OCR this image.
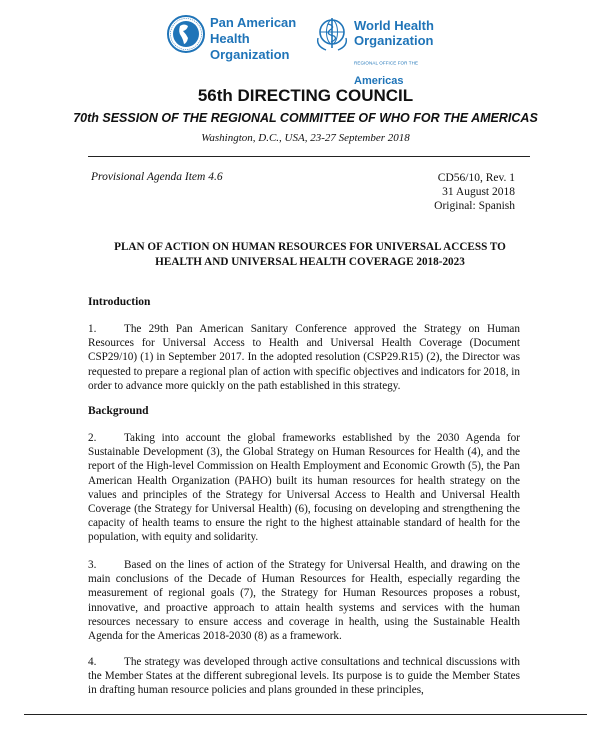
Pan American
Health
Organization
World Health
Organization
REGIONAL OFFICE FOR THE Americas
56th DIRECTING COUNCIL
70th SESSION OF THE REGIONAL COMMITTEE OF WHO FOR THE AMERICAS
Washington, D.C., USA, 23-27 September 2018
Provisional Agenda Item 4.6	CD56/10, Rev. 1
31 August 2018
Original: Spanish
PLAN OF ACTION ON HUMAN RESOURCES FOR UNIVERSAL ACCESS TO
HEALTH AND UNIVERSAL HEALTH COVERAGE 2018-2023
Introduction
1. The 29th Pan American Sanitary Conference approved the Strategy on Human Resources for Universal Access to Health and Universal Health Coverage (Document CSP29/10) (1) in September 2017. In the adopted resolution (CSP29.R15) (2), the Director was requested to prepare a regional plan of action with specific objectives and indicators for 2018, in order to advance more quickly on the path established in this strategy.
Background
2. Taking into account the global frameworks established by the 2030 Agenda for Sustainable Development (3), the Global Strategy on Human Resources for Health (4), and the report of the High-level Commission on Health Employment and Economic Growth (5), the Pan American Health Organization (PAHO) built its human resources for health strategy on the values and principles of the Strategy for Universal Access to Health and Universal Health Coverage (the Strategy for Universal Health) (6), focusing on developing and strengthening the capacity of health teams to ensure the right to the highest attainable standard of health for the population, with equity and solidarity.
3. Based on the lines of action of the Strategy for Universal Health, and drawing on the main conclusions of the Decade of Human Resources for Health, especially regarding the measurement of regional goals (7), the Strategy for Human Resources proposes a robust, innovative, and proactive approach to attain health systems and services with the human resources necessary to ensure access and coverage in health, using the Sustainable Health Agenda for the Americas 2018-2030 (8) as a framework.
4. The strategy was developed through active consultations and technical discussions with the Member States at the different subregional levels. Its purpose is to guide the Member States in drafting human resource policies and plans grounded in these principles,
